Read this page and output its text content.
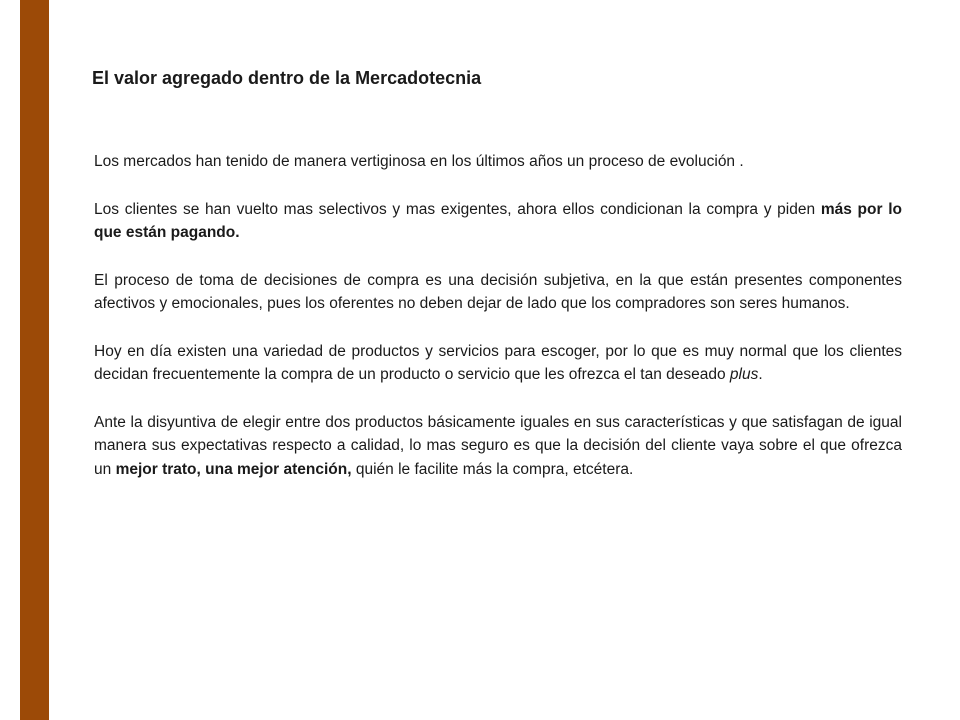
El valor agregado dentro de la Mercadotecnia

Los mercados han tenido de manera vertiginosa en los últimos años un proceso de evolución .

Los clientes se han vuelto mas selectivos y mas exigentes, ahora ellos condicionan la compra y piden más por lo que están pagando.

El proceso de toma de decisiones de compra es una decisión subjetiva, en la que están presentes componentes afectivos y emocionales, pues los oferentes no deben dejar de lado que los compradores son seres humanos.

Hoy en día existen una variedad de productos y servicios para escoger, por lo que es muy normal que los clientes decidan frecuentemente la compra de un producto o servicio que les ofrezca el tan deseado plus.

Ante la disyuntiva de elegir entre dos productos básicamente iguales en sus características y que satisfagan de igual manera sus expectativas respecto a calidad, lo mas seguro es que la decisión del cliente vaya sobre el que ofrezca un mejor trato, una mejor atención, quién le facilite más la compra, etcétera.
